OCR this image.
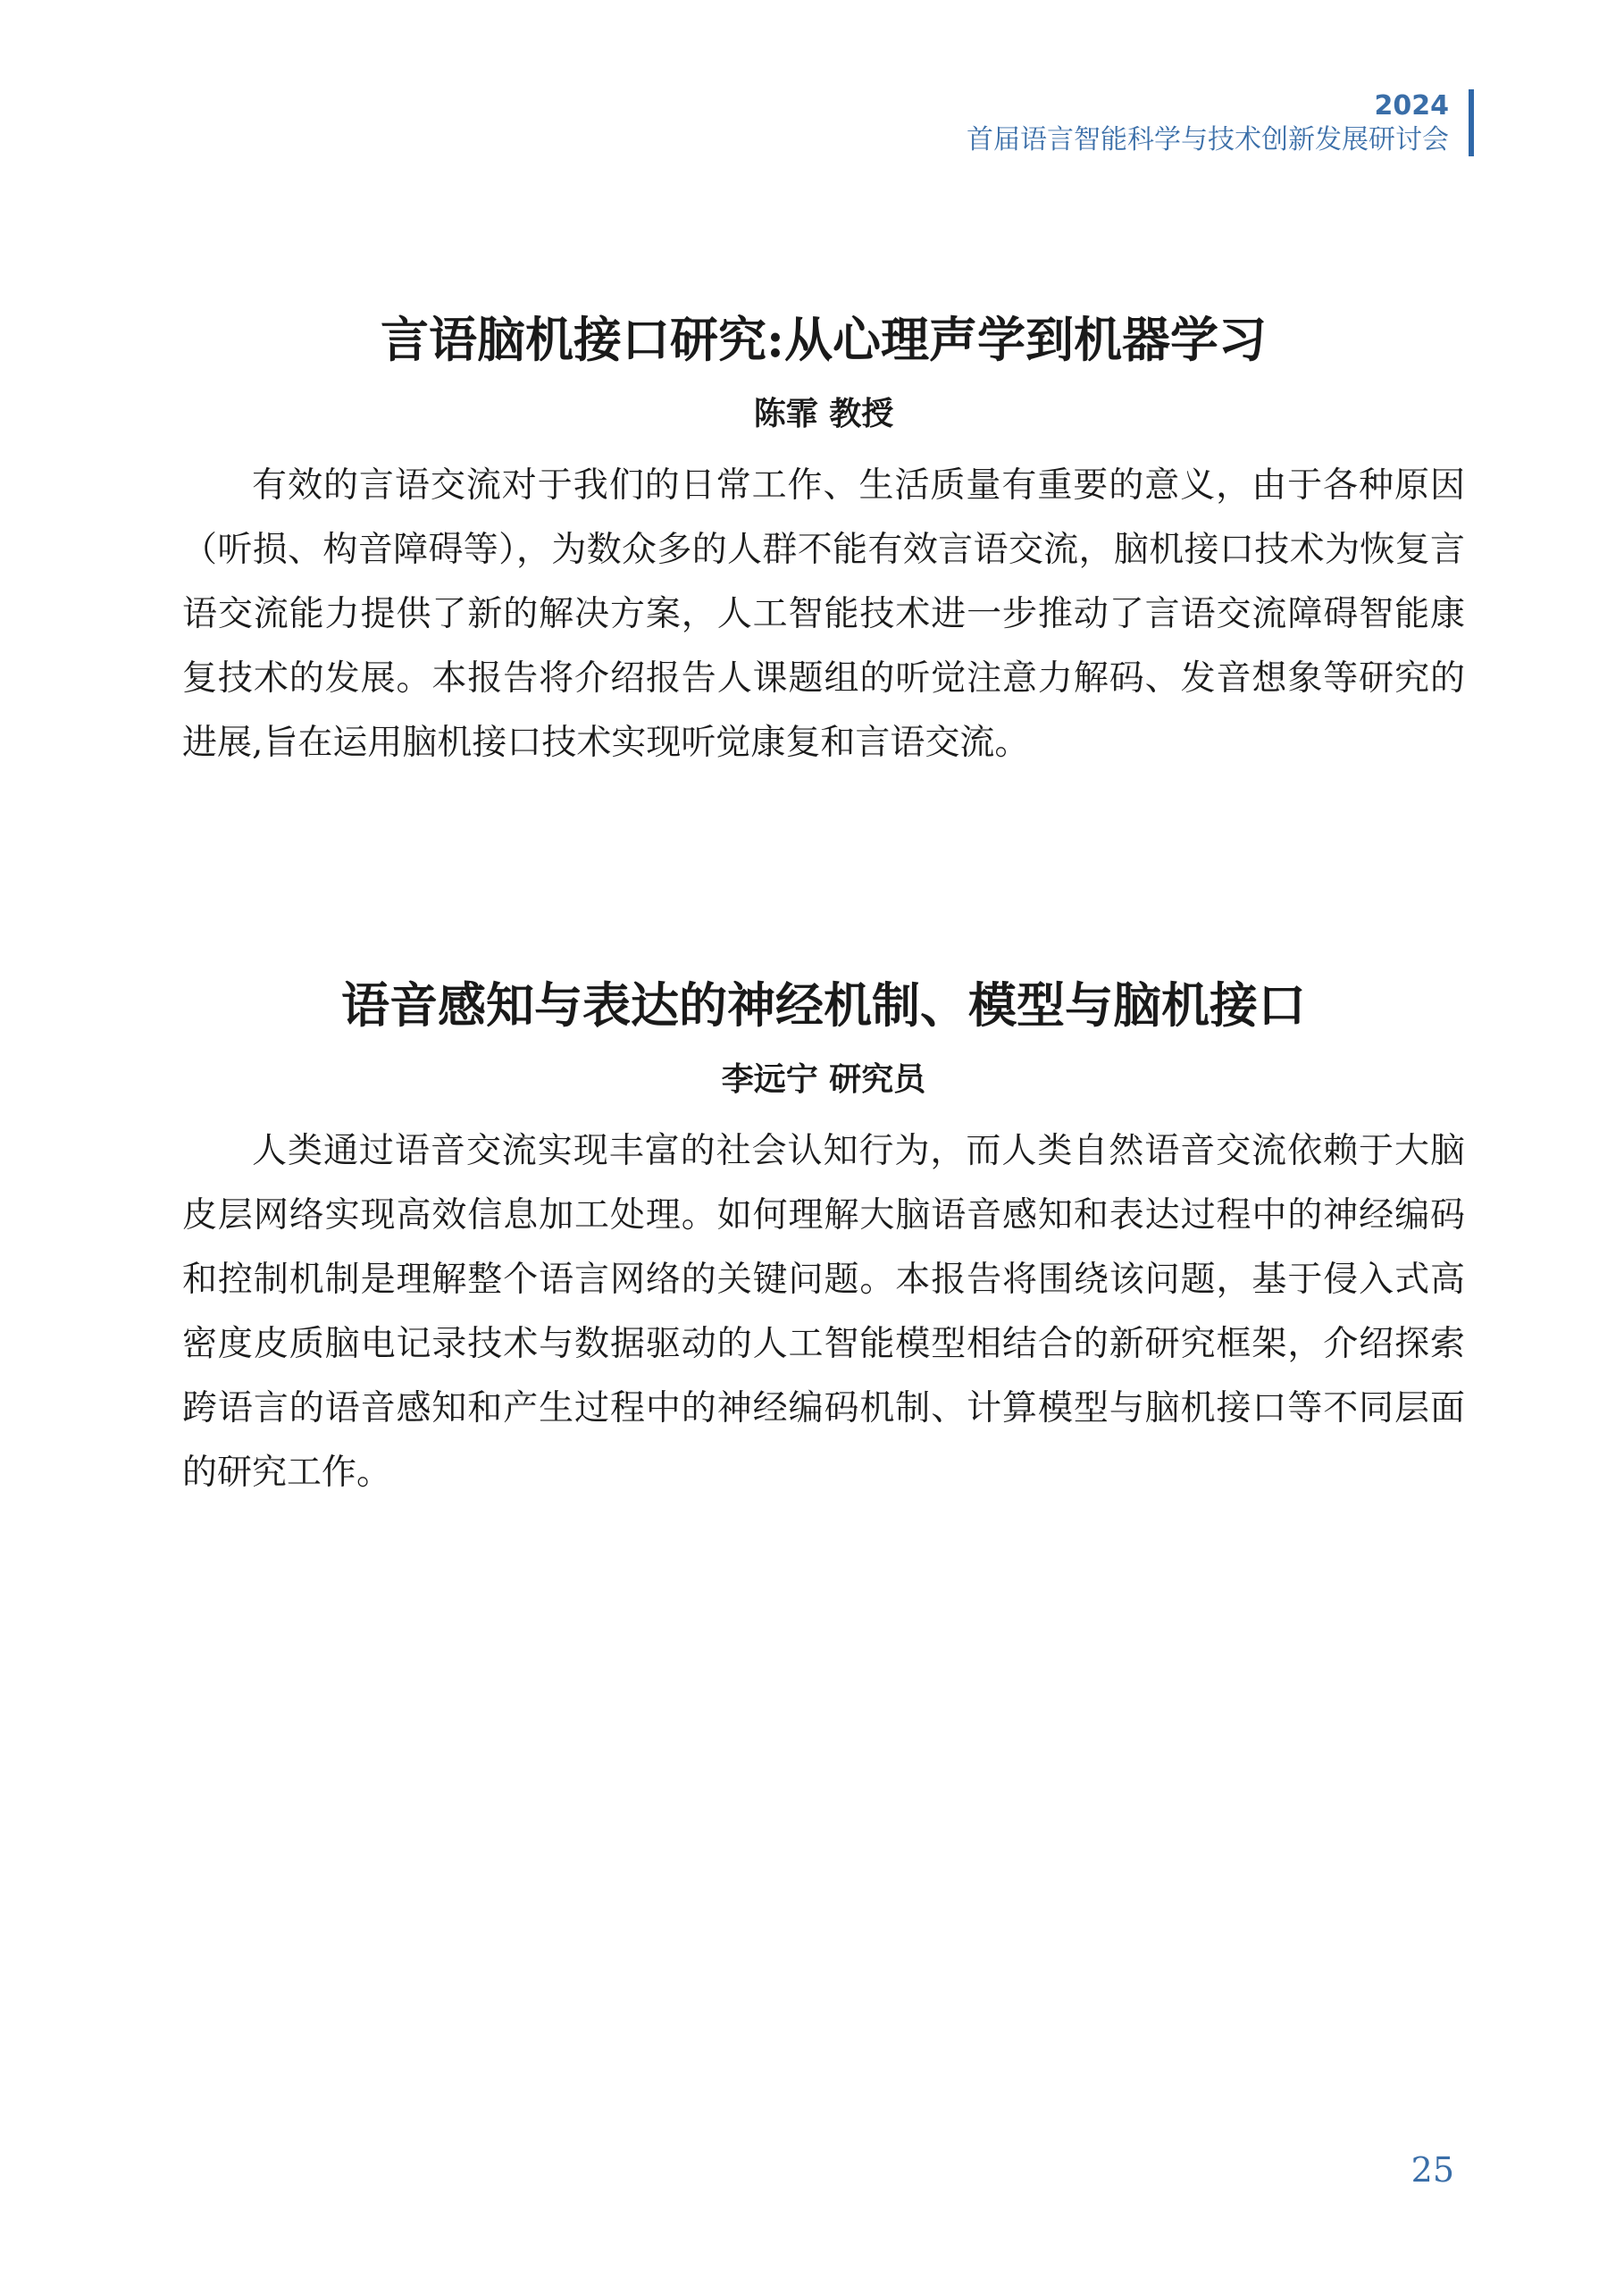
2024
首届语言智能科学与技术创新发展研讨会
言语脑机接口研究:从心理声学到机器学习

陈霏 教授

有效的言语交流对于我们的日常工作、生活质量有重要的意义，由于各种原因（听损、构音障碍等），为数众多的人群不能有效言语交流，脑机接口技术为恢复言语交流能力提供了新的解决方案，人工智能技术进一步推动了言语交流障碍智能康复技术的发展。本报告将介绍报告人课题组的听觉注意力解码、发音想象等研究的进展,旨在运用脑机接口技术实现听觉康复和言语交流。

语音感知与表达的神经机制、模型与脑机接口

李远宁 研究员

人类通过语音交流实现丰富的社会认知行为，而人类自然语音交流依赖于大脑皮层网络实现高效信息加工处理。如何理解大脑语音感知和表达过程中的神经编码和控制机制是理解整个语言网络的关键问题。本报告将围绕该问题，基于侵入式高密度皮质脑电记录技术与数据驱动的人工智能模型相结合的新研究框架，介绍探索跨语言的语音感知和产生过程中的神经编码机制、计算模型与脑机接口等不同层面的研究工作。

25
